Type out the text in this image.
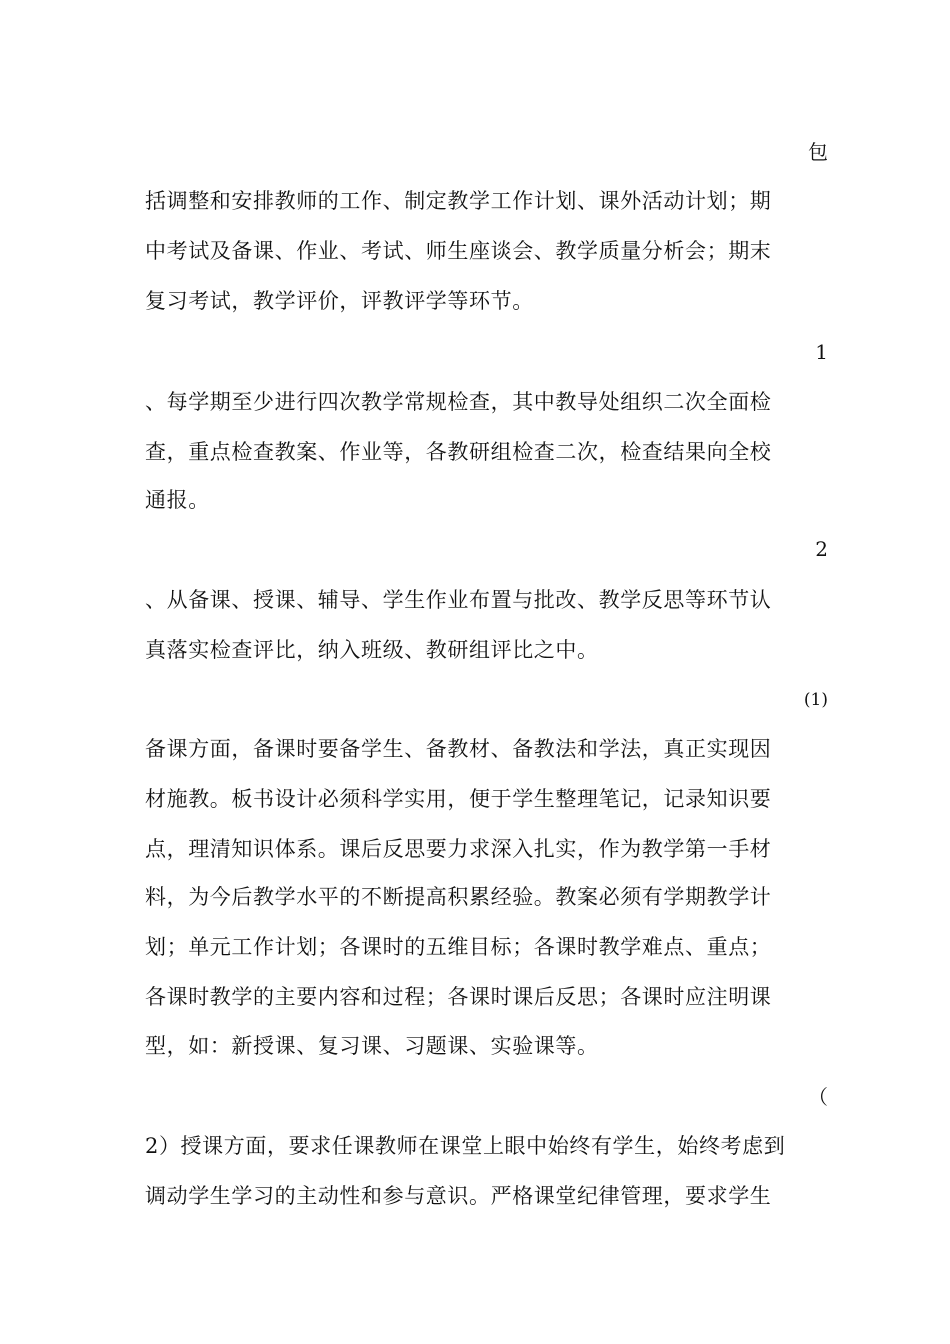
包
括调整和安排教师的工作、制定教学工作计划、课外活动计划；期
中考试及备课、作业、考试、师生座谈会、教学质量分析会；期末
复习考试，教学评价，评教评学等环节。
1
、每学期至少进行四次教学常规检查，其中教导处组织二次全面检
查，重点检查教案、作业等，各教研组检查二次，检查结果向全校
通报。
2
、从备课、授课、辅导、学生作业布置与批改、教学反思等环节认
真落实检查评比，纳入班级、教研组评比之中。
(1)
备课方面，备课时要备学生、备教材、备教法和学法，真正实现因
材施教。板书设计必须科学实用，便于学生整理笔记，记录知识要
点，理清知识体系。课后反思要力求深入扎实，作为教学第一手材
料，为今后教学水平的不断提高积累经验。教案必须有学期教学计
划；单元工作计划；各课时的五维目标；各课时教学难点、重点；
各课时教学的主要内容和过程；各课时课后反思；各课时应注明课
型，如：新授课、复习课、习题课、实验课等。
（
2）授课方面，要求任课教师在课堂上眼中始终有学生，始终考虑到
调动学生学习的主动性和参与意识。严格课堂纪律管理，要求学生
